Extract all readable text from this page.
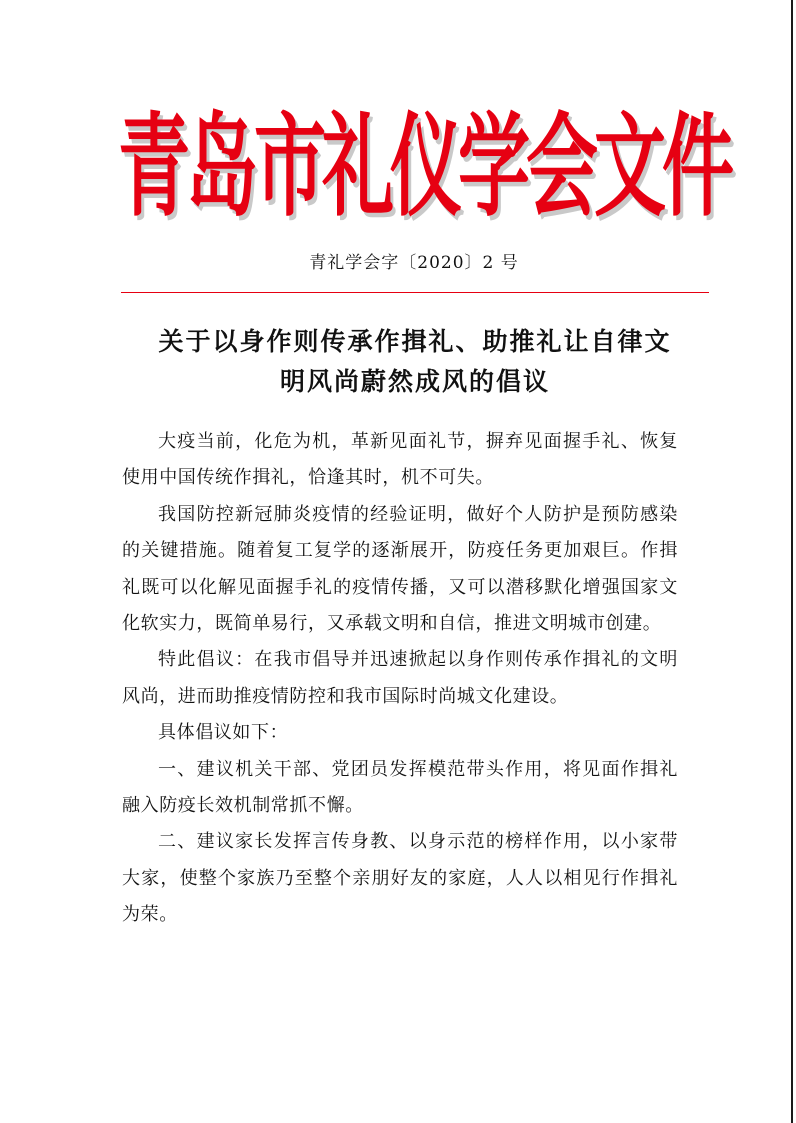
青岛市礼仪学会文件
青礼学会字〔2020〕2 号
关于以身作则传承作揖礼、助推礼让自律文
明风尚蔚然成风的倡议

大疫当前，化危为机，革新见面礼节，摒弃见面握手礼、恢复使用中国传统作揖礼，恰逢其时，机不可失。

我国防控新冠肺炎疫情的经验证明，做好个人防护是预防感染的关键措施。随着复工复学的逐渐展开，防疫任务更加艰巨。作揖礼既可以化解见面握手礼的疫情传播，又可以潜移默化增强国家文化软实力，既简单易行，又承载文明和自信，推进文明城市创建。

特此倡议：在我市倡导并迅速掀起以身作则传承作揖礼的文明风尚，进而助推疫情防控和我市国际时尚城文化建设。

具体倡议如下：

一、建议机关干部、党团员发挥模范带头作用，将见面作揖礼融入防疫长效机制常抓不懈。

二、建议家长发挥言传身教、以身示范的榜样作用，以小家带大家，使整个家族乃至整个亲朋好友的家庭，人人以相见行作揖礼为荣。
